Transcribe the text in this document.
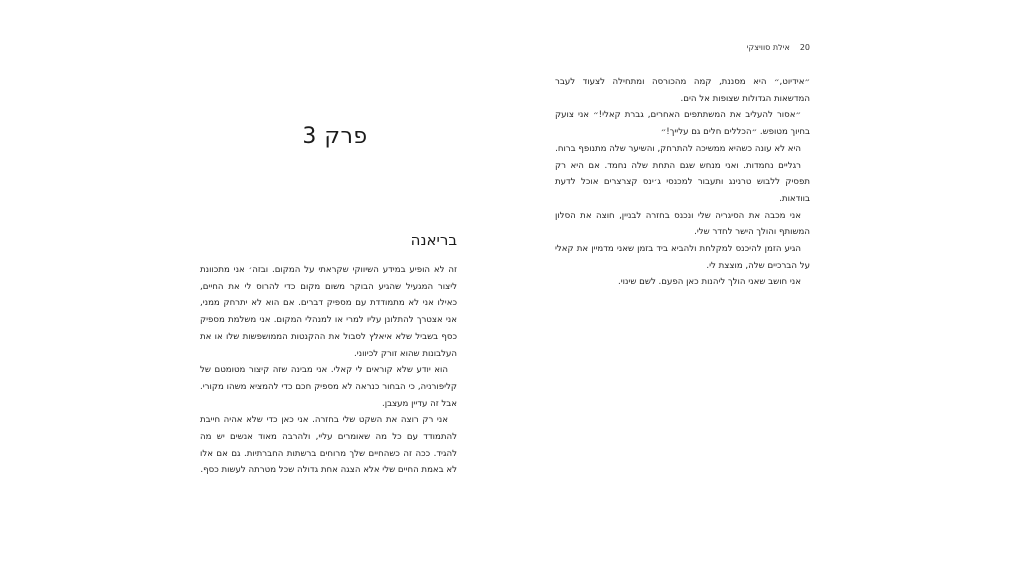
פרק 3
בריאנה

זה לא הופיע במידע השיווקי שקראתי על המקום. ובזה׳ אני מתכוונת ליצור המגעיל שהגיע הבוקר משום מקום כדי להרוס לי את החיים, כאילו אני לא מתמודדת עם מספיק דברים. אם הוא לא יתרחק ממני, אני אצטרך להתלונן עליו למרי או למנהלי המקום. אני משלמת מספיק כסף בשביל שלא איאלץ לסבול את ההקנטות הממושפשות שלו או את העלבונות שהוא זורק לכיווני.

הוא יודע שלא קוראים לי קאלי. אני מבינה שזה קיצור מטומטם של קליפורניה, כי הבחור כנראה לא מספיק חכם כדי להמציא משהו מקורי. אבל זה עדיין מעצבן.

אני רק רוצה את השקט שלי בחזרה. אני כאן כדי שלא אהיה חייבת להתמודד עם כל מה שאומרים עליי, ולהרבה מאוד אנשים יש מה להגיד. ככה זה כשהחיים שלך מרוחים ברשתות החברתיות. גם אם אלו לא באמת החיים שלי אלא הצגה אחת גדולה שכל מטרתה לעשות כסף.

20
אילת סוויצקי

״אידיוט,״ היא מסננת, קמה מהכורסה ומתחילה לצעוד לעבר המדשאות הגדולות שצופות אל הים.

״אסור להעליב את המשתתפים האחרים, גברת קאלי!״ אני צועק בחיוך מטופש. ״הכללים חלים גם עלייך!״

היא לא עונה כשהיא ממשיכה להתרחק, והשיער שלה מתנופף ברוח.

רגליים נחמדות. ואני מנחש שגם התחת שלה נחמד. אם היא רק תפסיק ללבוש טרנינג ותעבור למכנסי ג׳ינס קצרצרים אוכל לדעת בוודאות.

אני מכבה את הסיגריה שלי ונכנס בחזרה לבניין, חוצה את הסלון המשותף והולך הישר לחדר שלי.

הגיע הזמן להיכנס למקלחת ולהביא ביד בזמן שאני מדמיין את קאלי על הברכיים שלה, מוצצת לי.

אני חושב שאני הולך ליהנות כאן הפעם. לשם שינוי.
